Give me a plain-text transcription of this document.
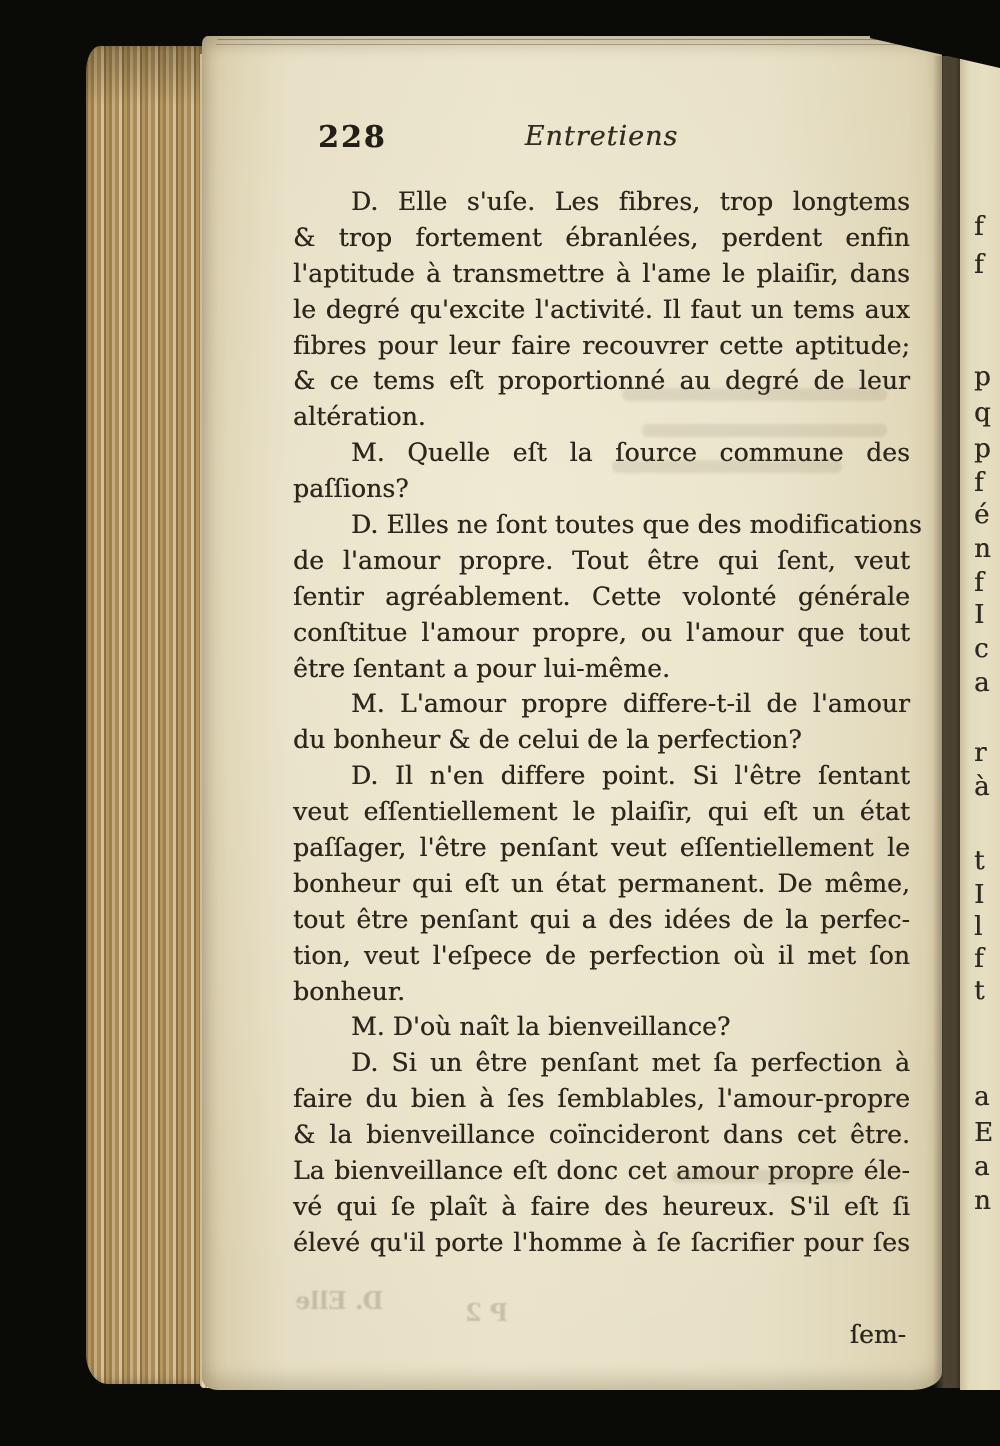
228	Entretiens
D. Elle s'uſe. Les fibres, trop longtems
& trop fortement ébranlées, perdent enfin
l'aptitude à transmettre à l'ame le plaiſir, dans
le degré qu'excite l'activité. Il faut un tems aux
fibres pour leur faire recouvrer cette aptitude;
& ce tems eſt proportionné au degré de leur
altération.
M. Quelle eſt la ſource commune des
paſſions?
D. Elles ne ſont toutes que des modifications
de l'amour propre. Tout être qui ſent, veut
ſentir agréablement. Cette volonté générale
conſtitue l'amour propre, ou l'amour que tout
être ſentant a pour lui-même.
M. L'amour propre differe-t-il de l'amour
du bonheur & de celui de la perfection?
D. Il n'en differe point. Si l'être ſentant
veut eſſentiellement le plaiſir, qui eſt un état
paſſager, l'être penſant veut eſſentiellement le
bonheur qui eſt un état permanent. De même,
tout être penſant qui a des idées de la perfec-
tion, veut l'eſpece de perfection où il met ſon
bonheur.
M. D'où naît la bienveillance?
D. Si un être penſant met ſa perfection à
faire du bien à ſes ſemblables, l'amour-propre
& la bienveillance coïncideront dans cet être.
La bienveillance eſt donc cet amour propre éle-
vé qui ſe plaît à faire des heureux. S'il eſt ſi
élevé qu'il porte l'homme à ſe ſacrifier pour ſes
ſem-
D. Elle	P 2
f
f
p
q
p
f
é
n
f
I
c
a
r
à
t
I
l
f
t
a
E
a
n
